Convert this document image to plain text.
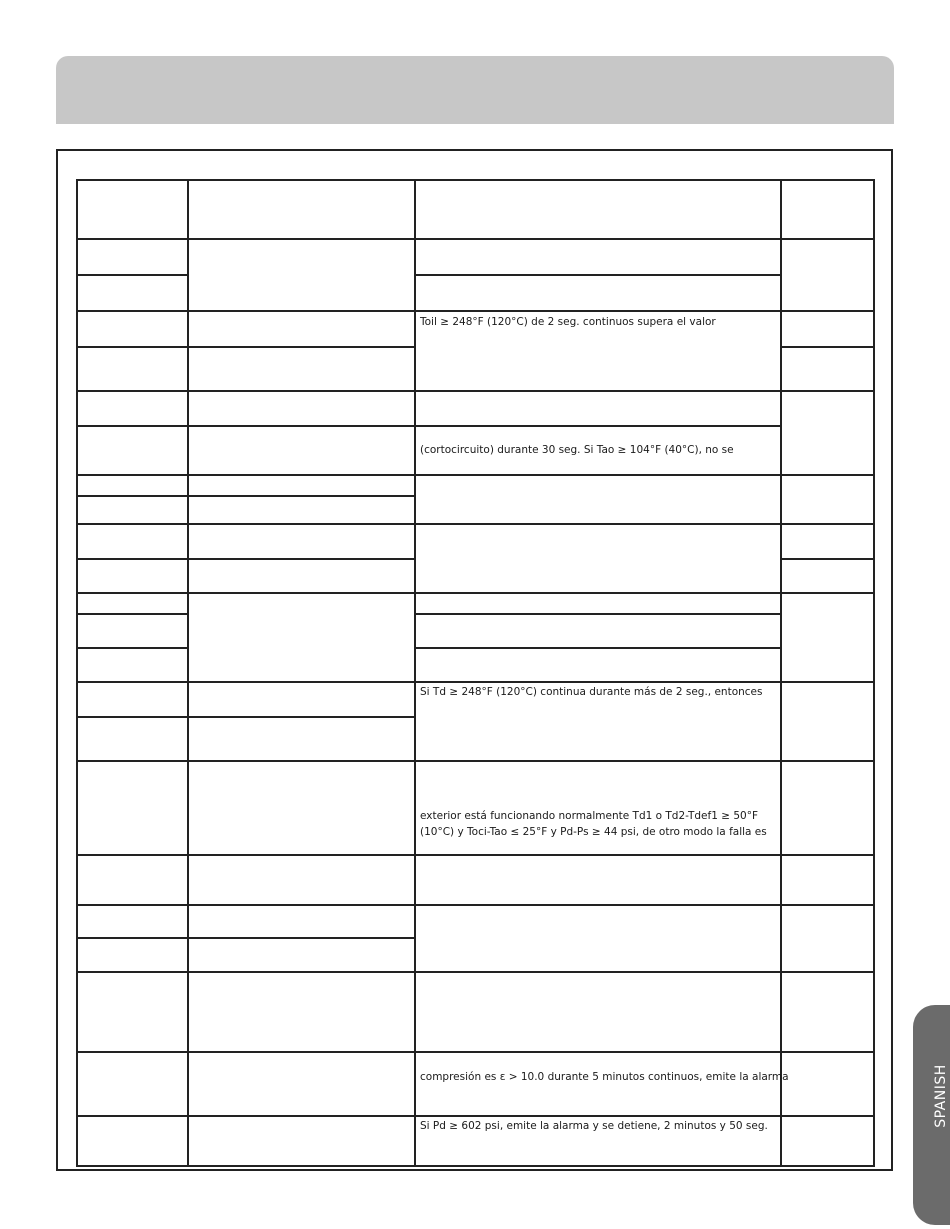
Toil ≥ 248°F (120°C) de 2 seg. continuos supera el valor
(cortocircuito) durante 30 seg. Si Tao ≥ 104°F (40°C), no se
Si Td ≥ 248°F (120°C) continua durante más de 2 seg., entonces
exterior está funcionando normalmente Td1 o Td2-Tdef1 ≥ 50°F
(10°C) y Toci-Tao ≤ 25°F y Pd-Ps ≥ 44 psi, de otro modo la falla es
compresión es ε > 10.0 durante 5 minutos continuos, emite la alarma
Si Pd ≥ 602 psi, emite la alarma y se detiene, 2 minutos y 50 seg.	SPANISH
